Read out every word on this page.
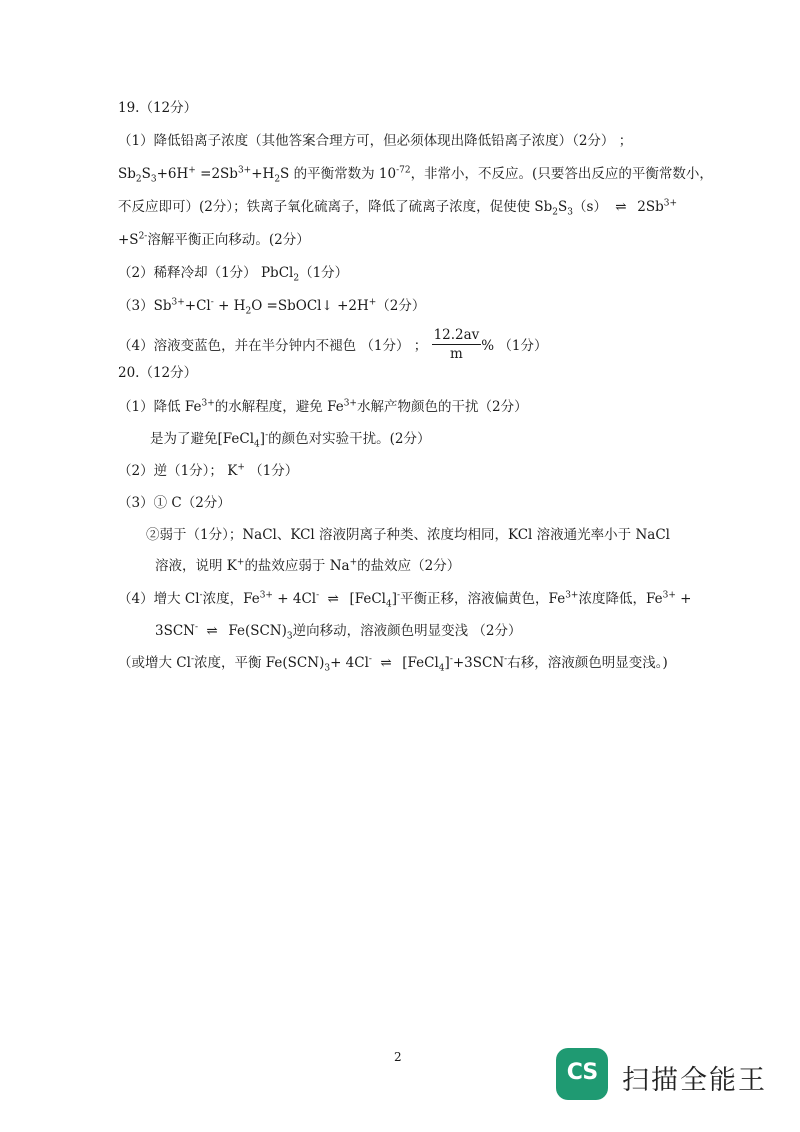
19.（12分）
（1）降低铅离子浓度（其他答案合理方可，但必须体现出降低铅离子浓度）（2分） ；
$Sb_2S_3+6H^+ =2Sb^{3+}+H_2S$ 的平衡常数为 $10^{-72}$，非常小，不反应。(只要答出反应的平衡常数小，
不反应即可）(2分）；铁离子氧化硫离子，降低了硫离子浓度，促使使 $Sb_2S_3(s)$ ⇌ $2Sb^{3+}$
$+S^{2-}$溶解平衡正向移动。(2分）
（2）稀释冷却（1分） PbCl$_2$（1分）
$(3)Sb^{3+}+Cl^- + H_2O$ =SbOCl↓ +2H+（2分）
（4）溶液变蓝色，并在半分钟内不褪色 （1分） ； $\frac{12.2av}{m}$ % （1分）
20.（12分）
（1）降低 $Fe^{3+}$的水解程度，避免 $Fe^{3+}$水解产物颜色的干扰（2分）
是为了避免[FeCl$_4$]-的颜色对实验干扰。(2分）
（2）逆（1分）； K+ （1分）
（3）① C（2分）
②弱于（1分）；NaCl、KCl 溶液阴离子种类、浓度均相同，KCl 溶液通光率小于 NaCl
溶液，说明 K+的盐效应弱于 Na+的盐效应（2分）
（4）增大 Cl-浓度，$Fe^{3+} + 4Cl^-$ ⇌ [FeCl$_4$]-平衡正移，溶液偏黄色，$Fe^{3+}$浓度降低，$Fe^{3+}$ +
3SCN- ⇌ $Fe(SCN)_3$逆向移动，溶液颜色明显变浅 （2分）
（或增大 Cl-浓度，平衡 $Fe(SCN)_3+ 4Cl^-$ ⇌ [FeCl$_4$]-+3SCN-右移，溶液颜色明显变浅。)
2
CS 扫描全能王
